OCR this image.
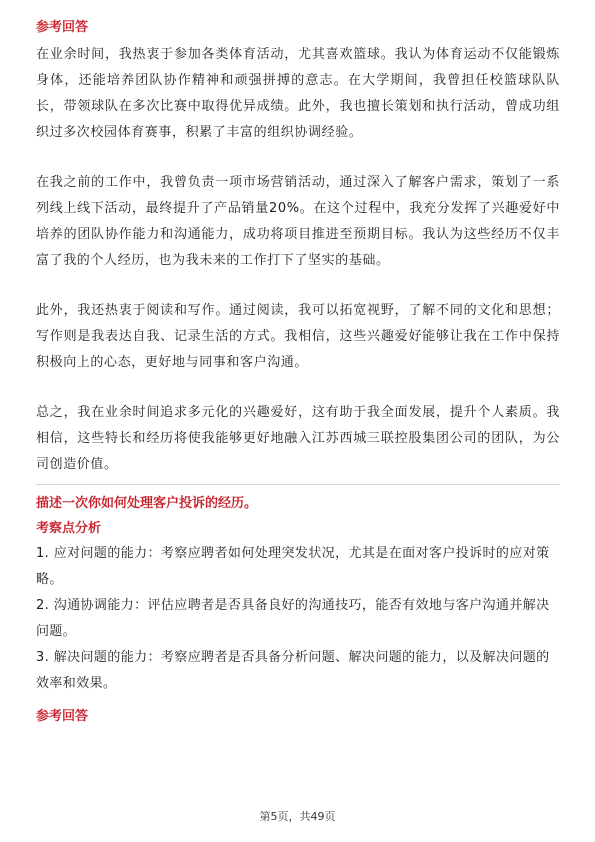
参考回答

在业余时间，我热衷于参加各类体育活动，尤其喜欢篮球。我认为体育运动不仅能锻炼身体，还能培养团队协作精神和顽强拼搏的意志。在大学期间，我曾担任校篮球队队长，带领球队在多次比赛中取得优异成绩。此外，我也擅长策划和执行活动，曾成功组织过多次校园体育赛事，积累了丰富的组织协调经验。

在我之前的工作中，我曾负责一项市场营销活动，通过深入了解客户需求，策划了一系列线上线下活动，最终提升了产品销量20%。在这个过程中，我充分发挥了兴趣爱好中培养的团队协作能力和沟通能力，成功将项目推进至预期目标。我认为这些经历不仅丰富了我的个人经历，也为我未来的工作打下了坚实的基础。

此外，我还热衷于阅读和写作。通过阅读，我可以拓宽视野，了解不同的文化和思想；写作则是我表达自我、记录生活的方式。我相信，这些兴趣爱好能够让我在工作中保持积极向上的心态，更好地与同事和客户沟通。

总之，我在业余时间追求多元化的兴趣爱好，这有助于我全面发展，提升个人素质。我相信，这些特长和经历将使我能够更好地融入江苏西城三联控股集团公司的团队，为公司创造价值。

描述一次你如何处理客户投诉的经历。

考察点分析

1. 应对问题的能力：考察应聘者如何处理突发状况，尤其是在面对客户投诉时的应对策略。

2. 沟通协调能力：评估应聘者是否具备良好的沟通技巧，能否有效地与客户沟通并解决问题。

3. 解决问题的能力：考察应聘者是否具备分析问题、解决问题的能力，以及解决问题的效率和效果。

参考回答

第5页，共49页
